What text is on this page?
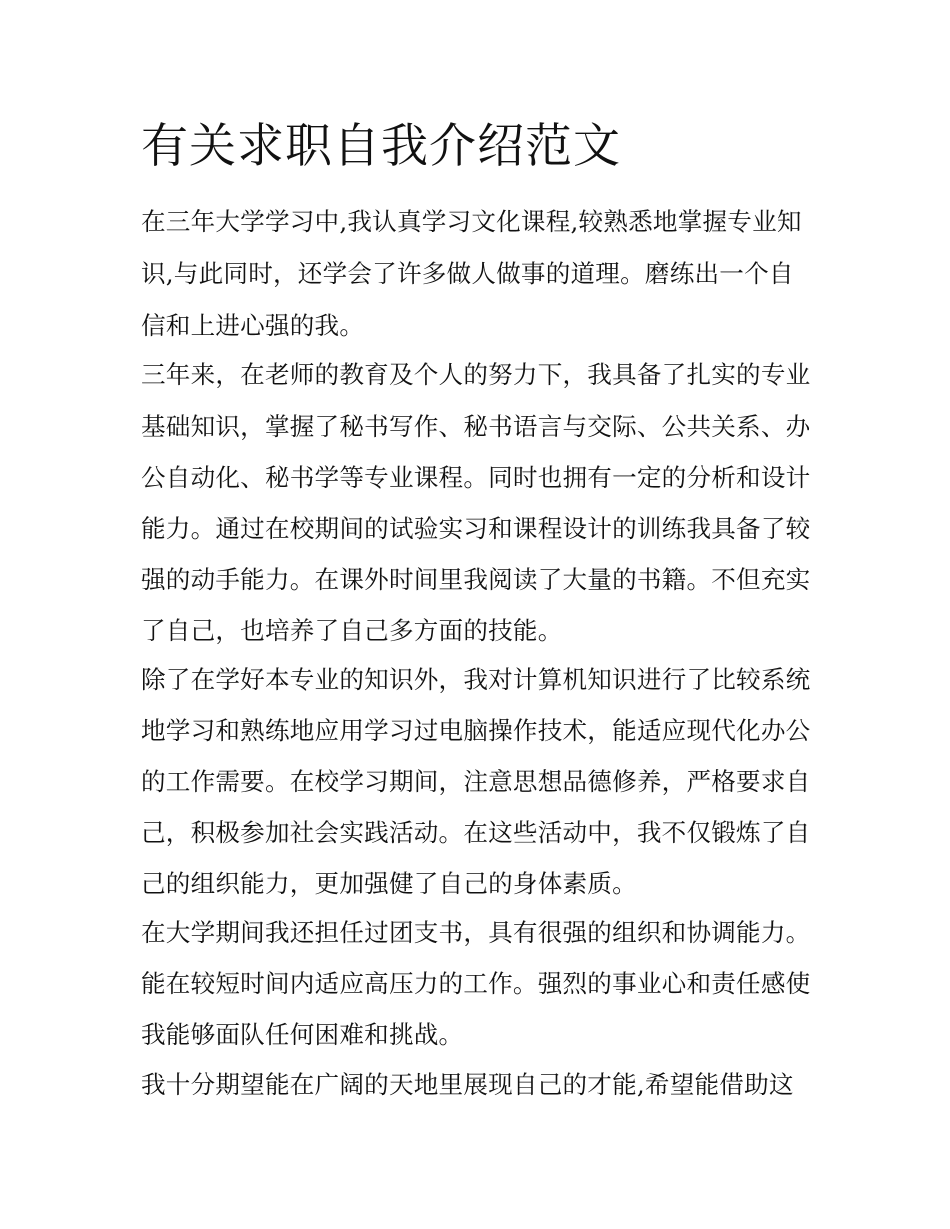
有关求职自我介绍范文

在三年大学学习中,我认真学习文化课程,较熟悉地掌握专业知

识,与此同时，还学会了许多做人做事的道理。磨练出一个自

信和上进心强的我。

三年来，在老师的教育及个人的努力下，我具备了扎实的专业

基础知识，掌握了秘书写作、秘书语言与交际、公共关系、办

公自动化、秘书学等专业课程。同时也拥有一定的分析和设计

能力。通过在校期间的试验实习和课程设计的训练我具备了较

强的动手能力。在课外时间里我阅读了大量的书籍。不但充实

了自己，也培养了自己多方面的技能。

除了在学好本专业的知识外，我对计算机知识进行了比较系统

地学习和熟练地应用学习过电脑操作技术，能适应现代化办公

的工作需要。在校学习期间，注意思想品德修养，严格要求自

己，积极参加社会实践活动。在这些活动中，我不仅锻炼了自

己的组织能力，更加强健了自己的身体素质。

在大学期间我还担任过团支书，具有很强的组织和协调能力。

能在较短时间内适应高压力的工作。强烈的事业心和责任感使

我能够面队任何困难和挑战。

我十分期望能在广阔的天地里展现自己的才能,希望能借助这
